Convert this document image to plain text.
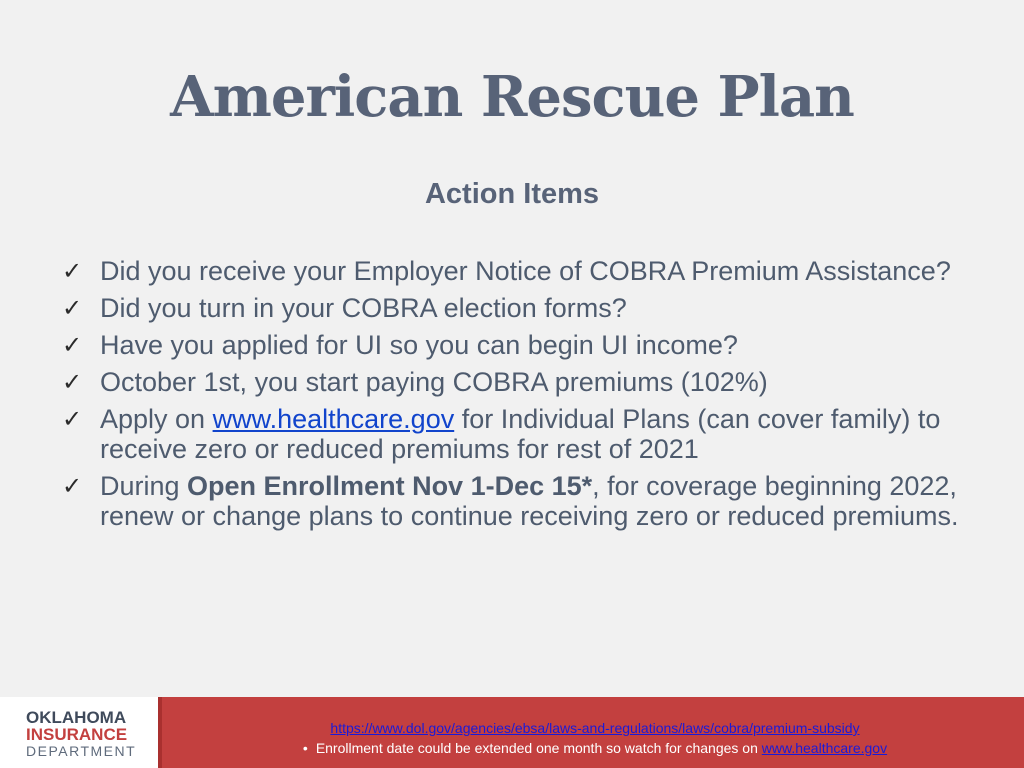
American Rescue Plan
Action Items
✓ Did you receive your Employer Notice of COBRA Premium Assistance?
✓ Did you turn in your COBRA election forms?
✓ Have you applied for UI so you can begin UI income?
✓ October 1st, you start paying COBRA premiums (102%)
✓ Apply on www.healthcare.gov for Individual Plans (can cover family) to receive zero or reduced premiums for rest of 2021
✓ During Open Enrollment Nov 1-Dec 15*, for coverage beginning 2022, renew or change plans to continue receiving zero or reduced premiums.
OKLAHOMA
INSURANCE
DEPARTMENT
https://www.dol.gov/agencies/ebsa/laws-and-regulations/laws/cobra/premium-subsidy
• Enrollment date could be extended one month so watch for changes on www.healthcare.gov
